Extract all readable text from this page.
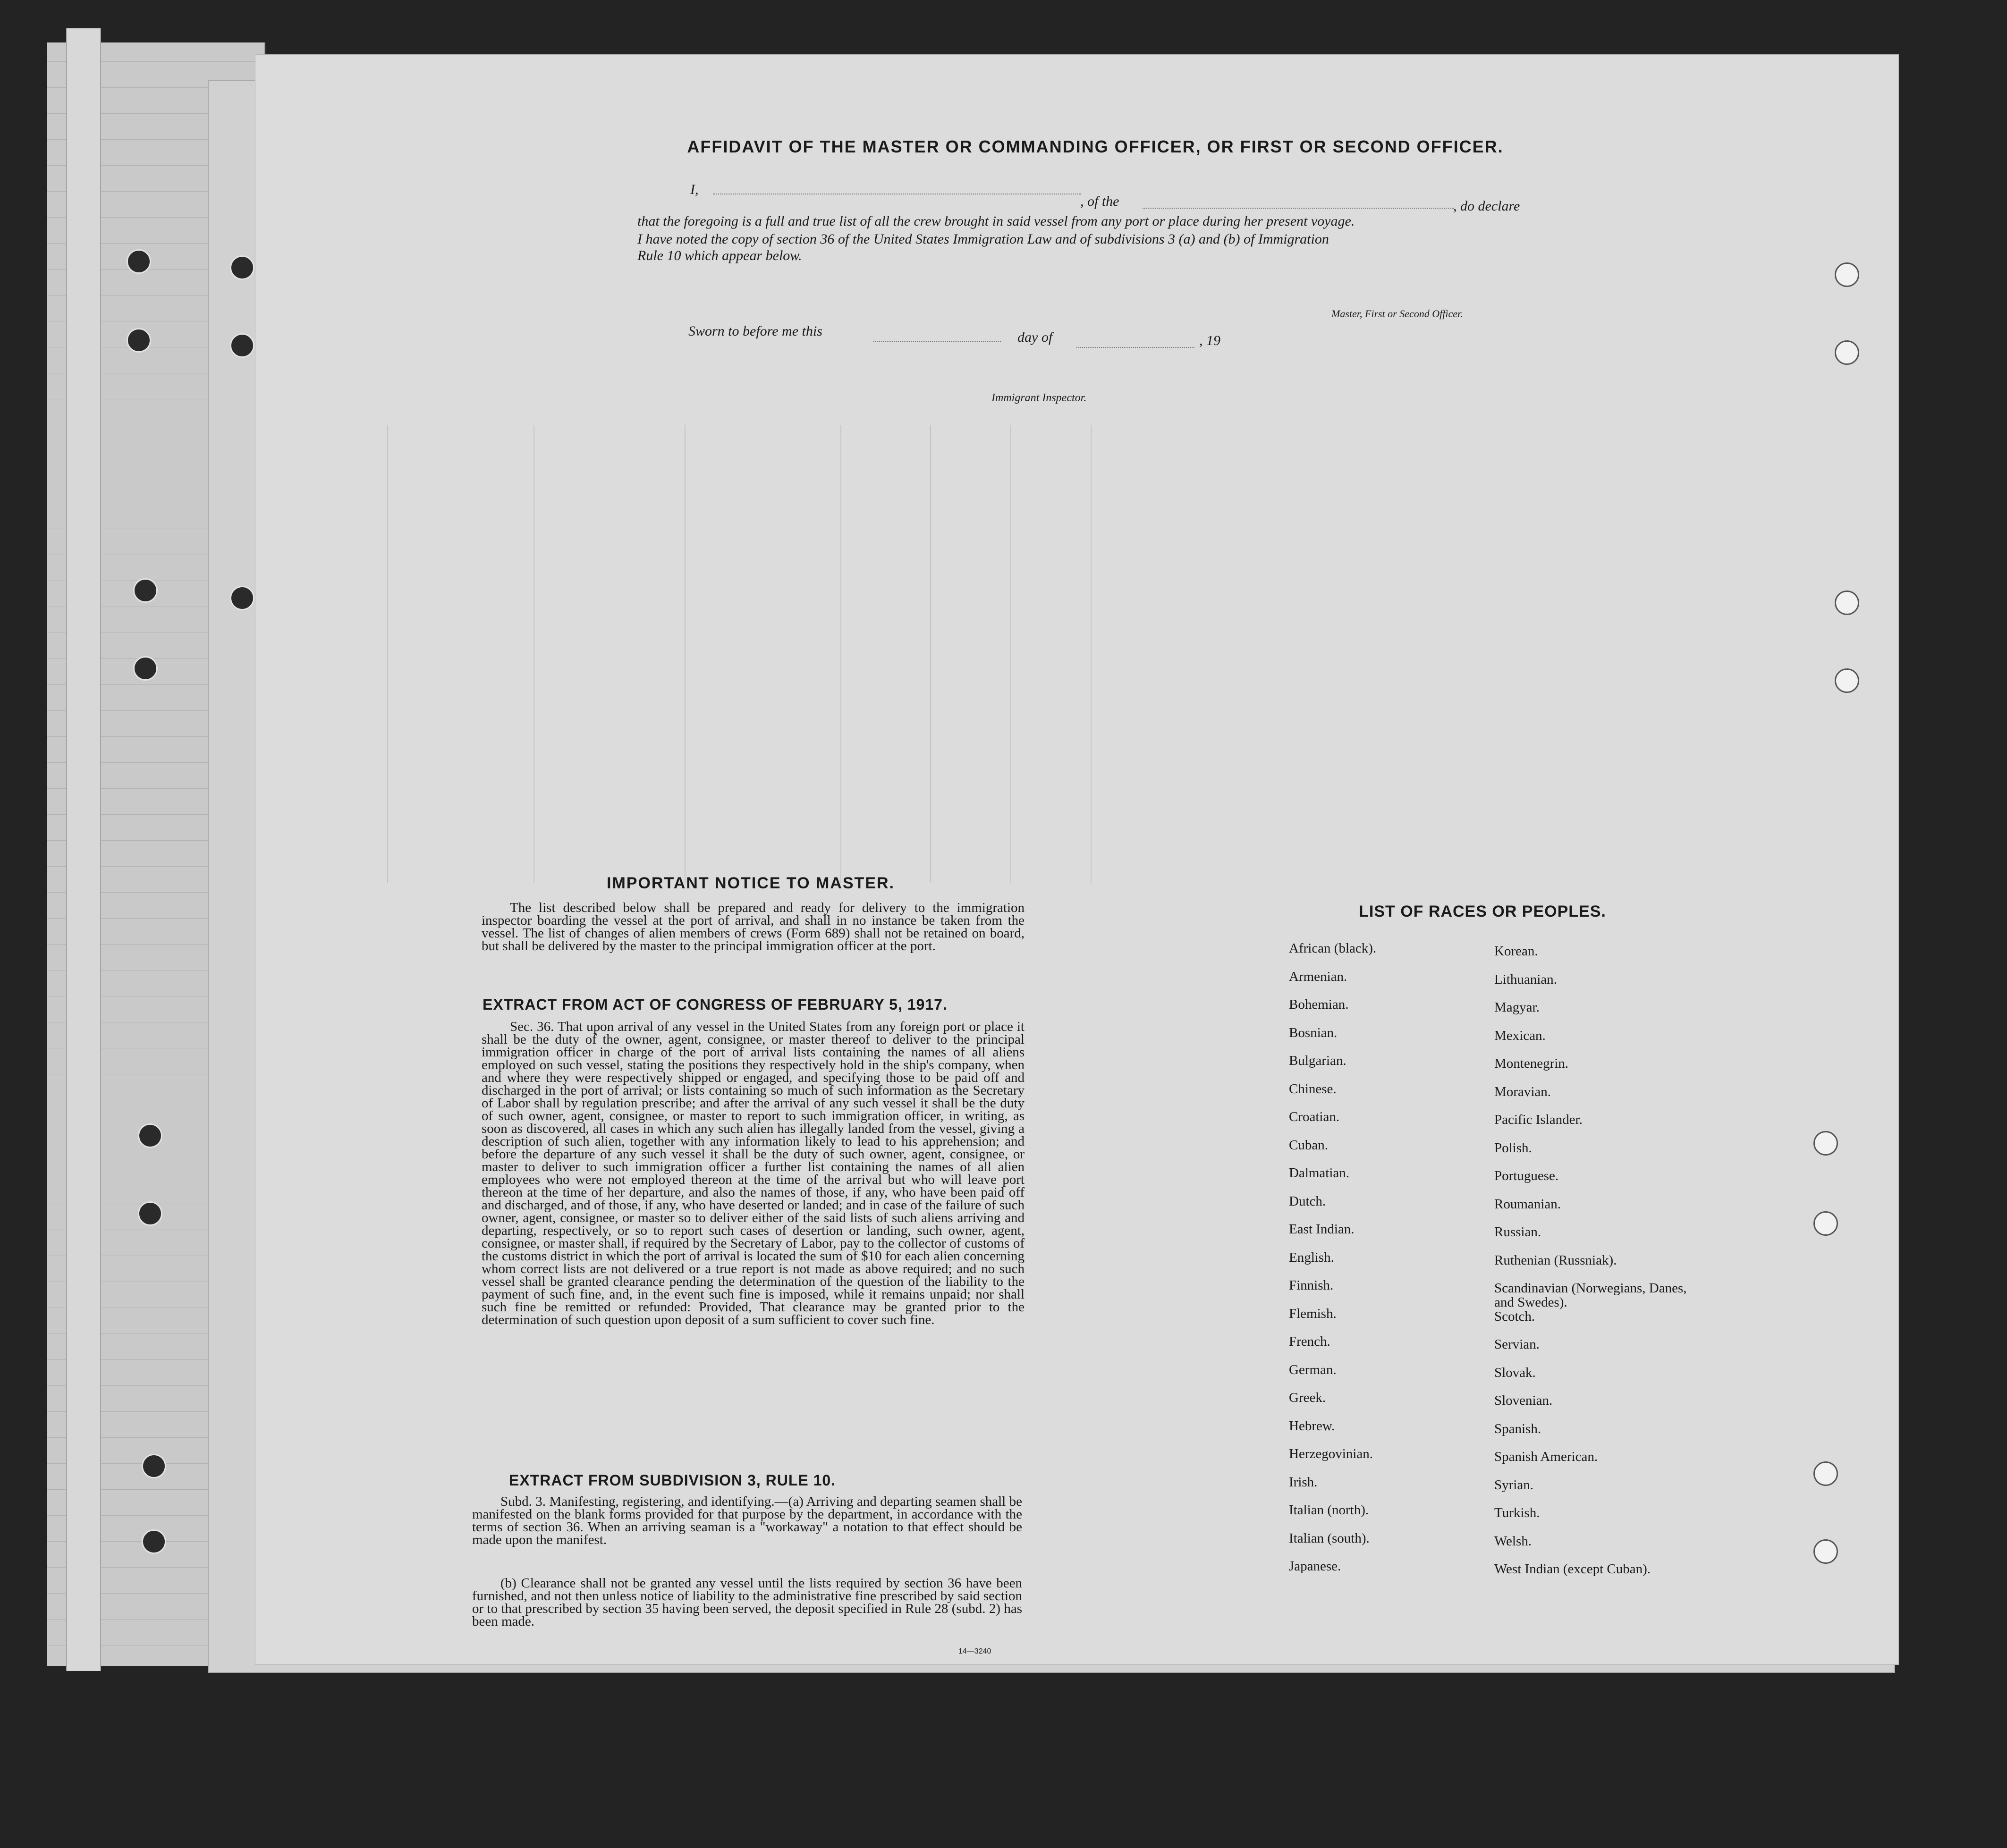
AFFIDAVIT OF THE MASTER OR COMMANDING OFFICER, OR FIRST OR SECOND OFFICER.
I,
, of the	, do declare
that the foregoing is a full and true list of all the crew brought in said vessel from any port or place during her present voyage.
I have noted the copy of section 36 of the United States Immigration Law and of subdivisions 3 (a) and (b) of Immigration
Rule 10 which appear below.
Master, First or Second Officer.
Sworn to before me this	day of	, 19
Immigrant Inspector.
IMPORTANT NOTICE TO MASTER.
The list described below shall be prepared and ready for delivery to the immigration inspector boarding the vessel at the port of arrival, and shall in no instance be taken from the vessel. The list of changes of alien members of crews (Form 689) shall not be retained on board, but shall be delivered by the master to the principal immigration officer at the port.
EXTRACT FROM ACT OF CONGRESS OF FEBRUARY 5, 1917.
Sec. 36. That upon arrival of any vessel in the United States from any foreign port or place it shall be the duty of the owner, agent, consignee, or master thereof to deliver to the principal immigration officer in charge of the port of arrival lists containing the names of all aliens employed on such vessel, stating the positions they respectively hold in the ship's company, when and where they were respectively shipped or engaged, and specifying those to be paid off and discharged in the port of arrival; or lists containing so much of such information as the Secretary of Labor shall by regulation prescribe; and after the arrival of any such vessel it shall be the duty of such owner, agent, consignee, or master to report to such immigration officer, in writing, as soon as discovered, all cases in which any such alien has illegally landed from the vessel, giving a description of such alien, together with any information likely to lead to his apprehension; and before the departure of any such vessel it shall be the duty of such owner, agent, consignee, or master to deliver to such immigration officer a further list containing the names of all alien employees who were not employed thereon at the time of the arrival but who will leave port thereon at the time of her departure, and also the names of those, if any, who have been paid off and discharged, and of those, if any, who have deserted or landed; and in case of the failure of such owner, agent, consignee, or master so to deliver either of the said lists of such aliens arriving and departing, respectively, or so to report such cases of desertion or landing, such owner, agent, consignee, or master shall, if required by the Secretary of Labor, pay to the collector of customs of the customs district in which the port of arrival is located the sum of $10 for each alien concerning whom correct lists are not delivered or a true report is not made as above required; and no such vessel shall be granted clearance pending the determination of the question of the liability to the payment of such fine, and, in the event such fine is imposed, while it remains unpaid; nor shall such fine be remitted or refunded: Provided, That clearance may be granted prior to the determination of such question upon deposit of a sum sufficient to cover such fine.
EXTRACT FROM SUBDIVISION 3, RULE 10.
Subd. 3. Manifesting, registering, and identifying.—(a) Arriving and departing seamen shall be manifested on the blank forms provided for that purpose by the department, in accordance with the terms of section 36. When an arriving seaman is a "workaway" a notation to that effect should be made upon the manifest.
(b) Clearance shall not be granted any vessel until the lists required by section 36 have been furnished, and not then unless notice of liability to the administrative fine prescribed by said section or to that prescribed by section 35 having been served, the deposit specified in Rule 28 (subd. 2) has been made.
14—3240
LIST OF RACES OR PEOPLES.
African (black).
Armenian.
Bohemian.
Bosnian.
Bulgarian.
Chinese.
Croatian.
Cuban.
Dalmatian.
Dutch.
East Indian.
English.
Finnish.
Flemish.
French.
German.
Greek.
Hebrew.
Herzegovinian.
Irish.
Italian (north).
Italian (south).
Japanese.
Korean.
Lithuanian.
Magyar.
Mexican.
Montenegrin.
Moravian.
Pacific Islander.
Polish.
Portuguese.
Roumanian.
Russian.
Ruthenian (Russniak).
Scandinavian (Norwegians, Danes, and Swedes).
Scotch.
Servian.
Slovak.
Slovenian.
Spanish.
Spanish American.
Syrian.
Turkish.
Welsh.
West Indian (except Cuban).
